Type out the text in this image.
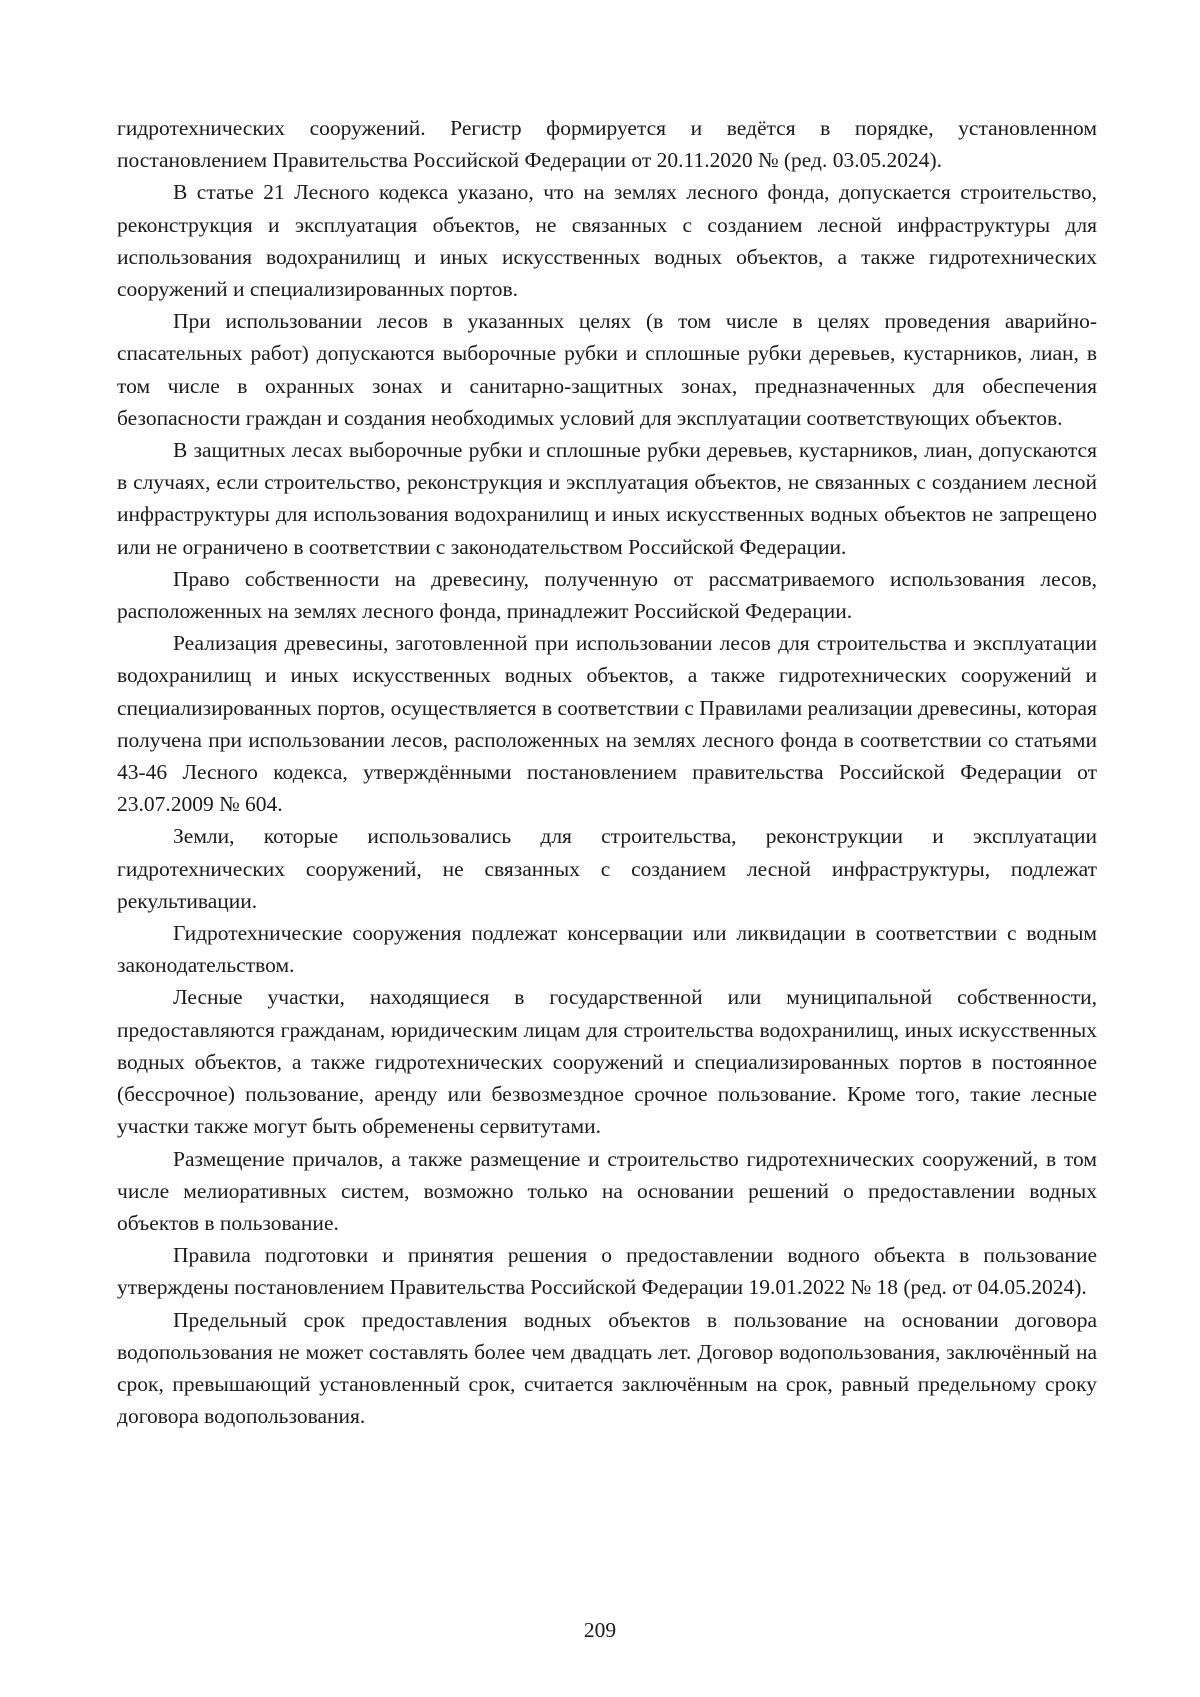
гидротехнических сооружений. Регистр формируется и ведётся в порядке, установленном постановлением Правительства Российской Федерации от 20.11.2020 № (ред. 03.05.2024).

В статье 21 Лесного кодекса указано, что на землях лесного фонда, допускается строительство, реконструкция и эксплуатация объектов, не связанных с созданием лесной инфраструктуры для использования водохранилищ и иных искусственных водных объектов, а также гидротехнических сооружений и специализированных портов.

При использовании лесов в указанных целях (в том числе в целях проведения аварийно-спасательных работ) допускаются выборочные рубки и сплошные рубки деревьев, кустарников, лиан, в том числе в охранных зонах и санитарно-защитных зонах, предназначенных для обеспечения безопасности граждан и создания необходимых условий для эксплуатации соответствующих объектов.

В защитных лесах выборочные рубки и сплошные рубки деревьев, кустарников, лиан, допускаются в случаях, если строительство, реконструкция и эксплуатация объектов, не связанных с созданием лесной инфраструктуры для использования водохранилищ и иных искусственных водных объектов не запрещено или не ограничено в соответствии с законодательством Российской Федерации.

Право собственности на древесину, полученную от рассматриваемого использования лесов, расположенных на землях лесного фонда, принадлежит Российской Федерации.

Реализация древесины, заготовленной при использовании лесов для строительства и эксплуатации водохранилищ и иных искусственных водных объектов, а также гидротехнических сооружений и специализированных портов, осуществляется в соответствии с Правилами реализации древесины, которая получена при использовании лесов, расположенных на землях лесного фонда в соответствии со статьями 43-46 Лесного кодекса, утверждёнными постановлением правительства Российской Федерации от 23.07.2009 № 604.

Земли, которые использовались для строительства, реконструкции и эксплуатации гидротехнических сооружений, не связанных с созданием лесной инфраструктуры, подлежат рекультивации.

Гидротехнические сооружения подлежат консервации или ликвидации в соответствии с водным законодательством.

Лесные участки, находящиеся в государственной или муниципальной собственности, предоставляются гражданам, юридическим лицам для строительства водохранилищ, иных искусственных водных объектов, а также гидротехнических сооружений и специализированных портов в постоянное (бессрочное) пользование, аренду или безвозмездное срочное пользование. Кроме того, такие лесные участки также могут быть обременены сервитутами.

Размещение причалов, а также размещение и строительство гидротехнических сооружений, в том числе мелиоративных систем, возможно только на основании решений о предоставлении водных объектов в пользование.

Правила подготовки и принятия решения о предоставлении водного объекта в пользование утверждены постановлением Правительства Российской Федерации 19.01.2022 № 18 (ред. от 04.05.2024).

Предельный срок предоставления водных объектов в пользование на основании договора водопользования не может составлять более чем двадцать лет. Договор водопользования, заключённый на срок, превышающий установленный срок, считается заключённым на срок, равный предельному сроку договора водопользования.

209
